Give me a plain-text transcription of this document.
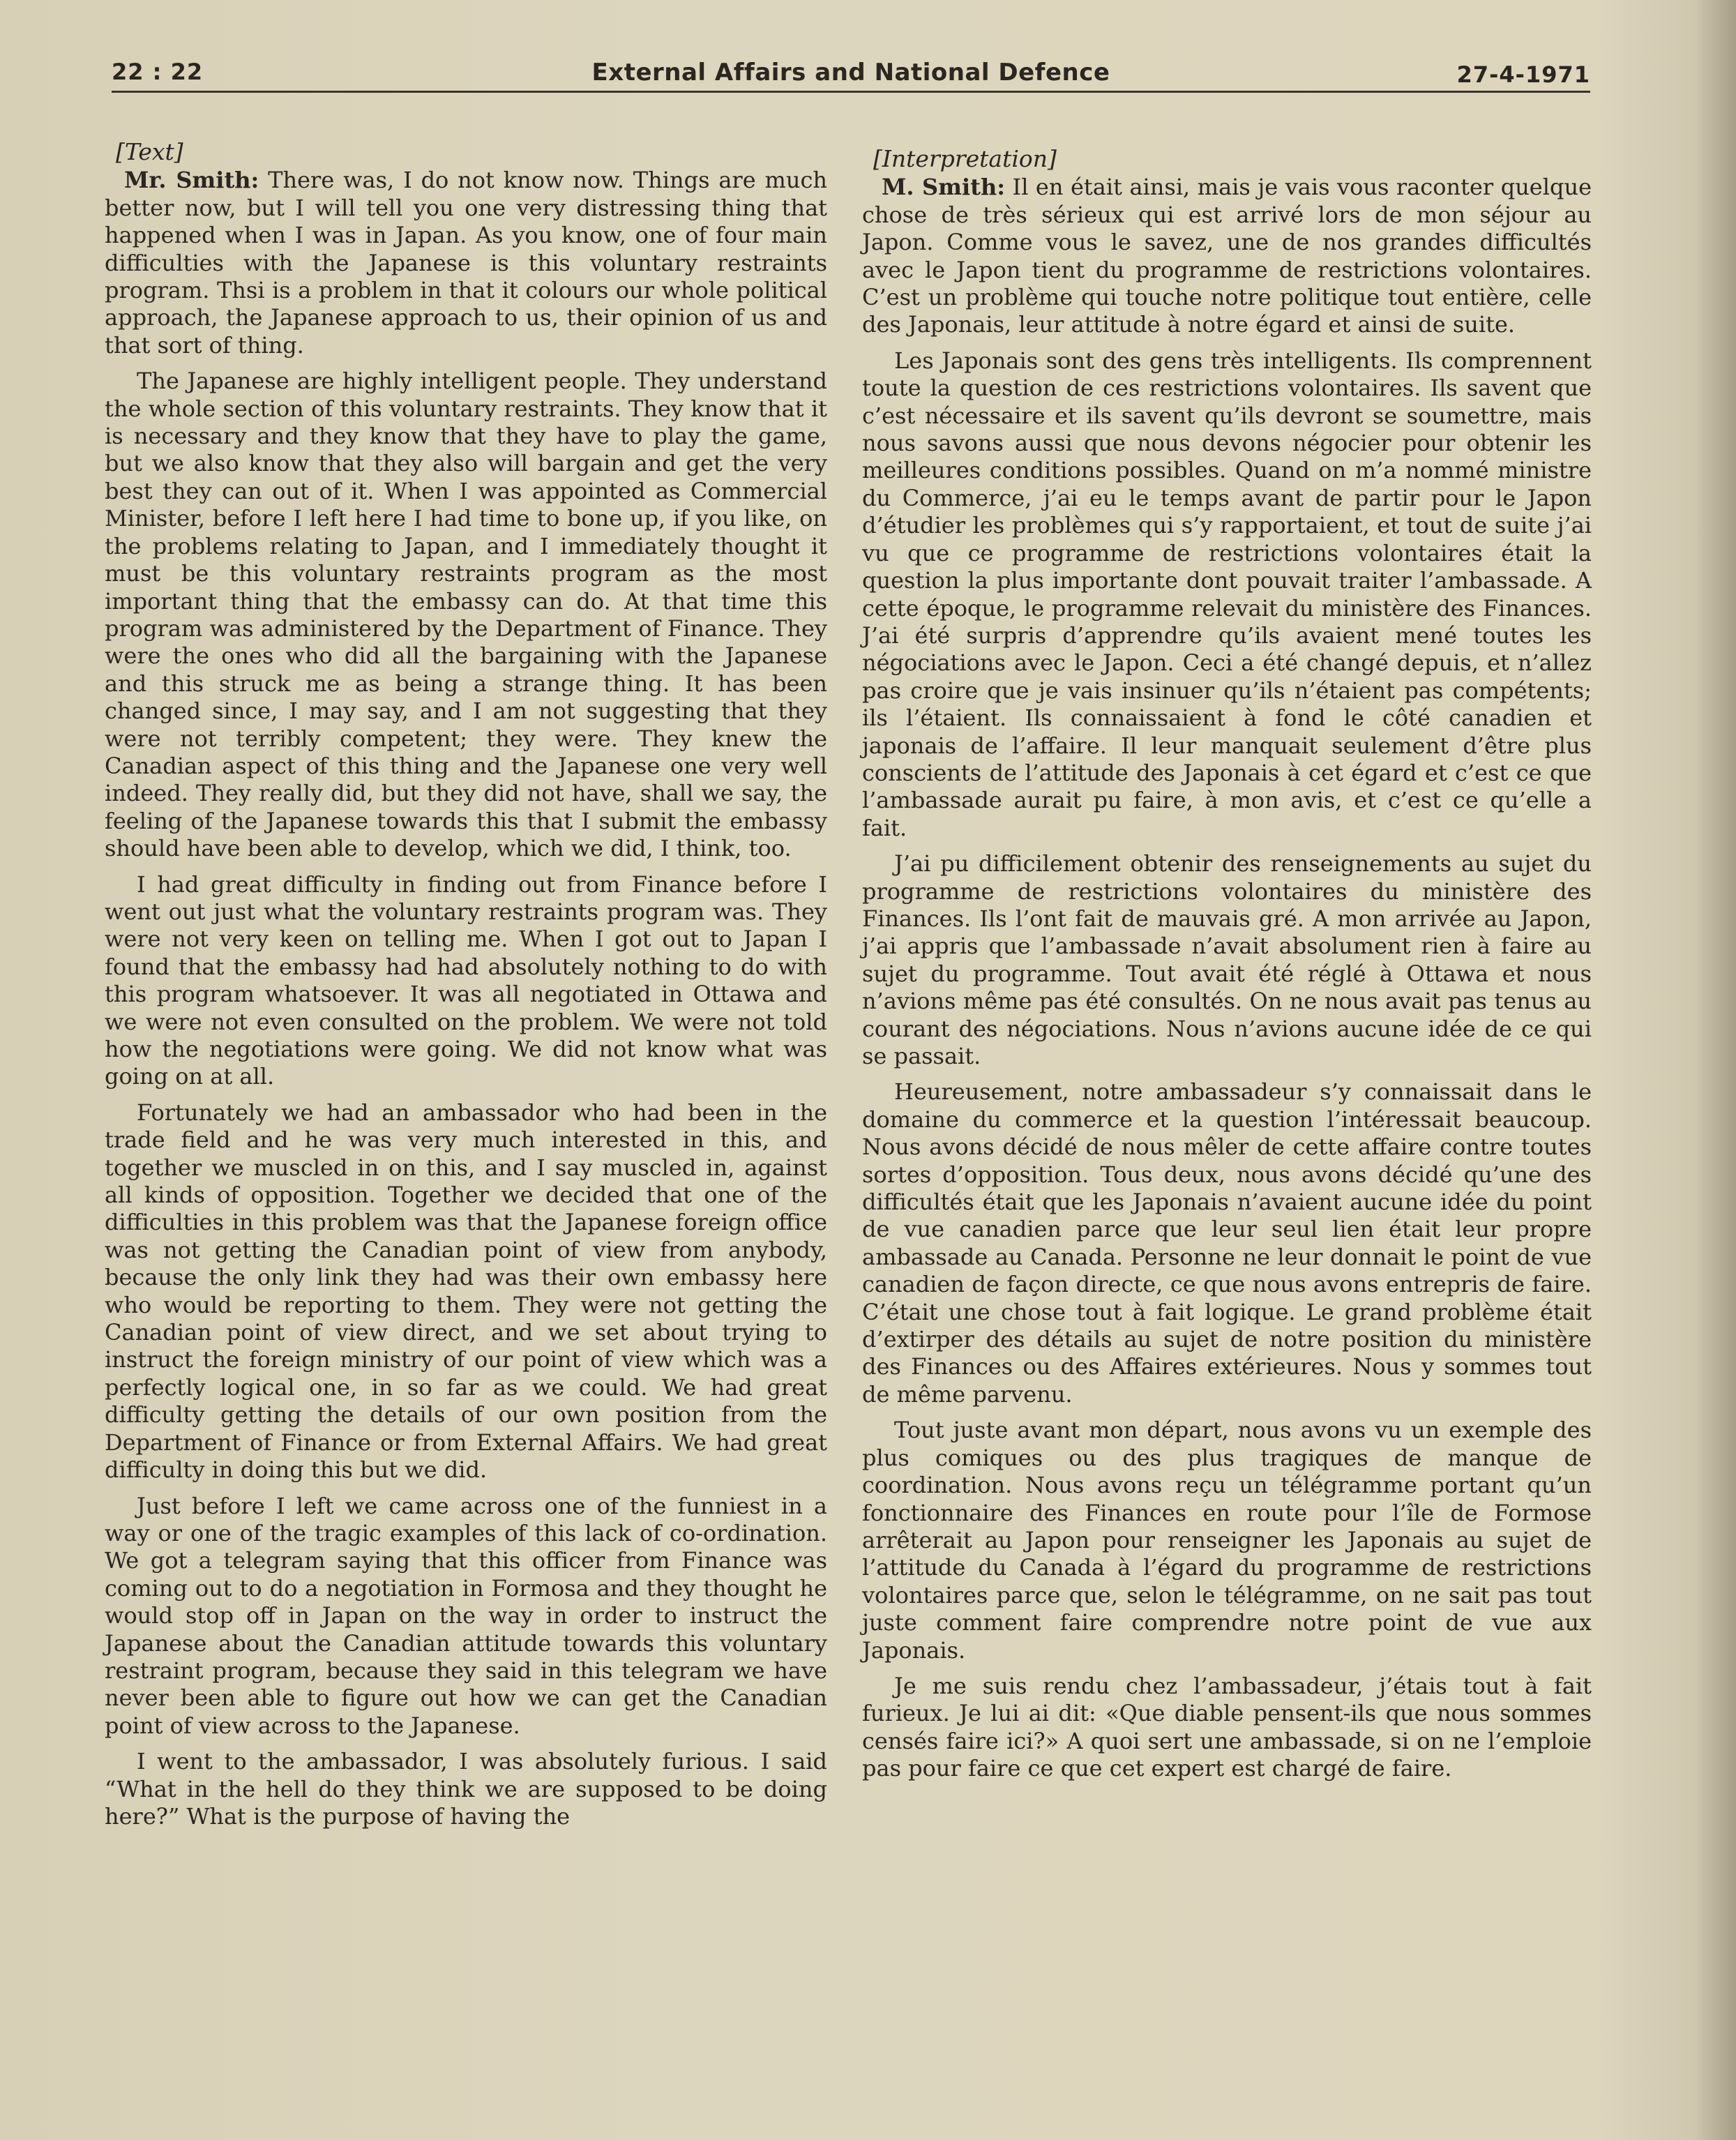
22 : 22	External Affairs and National Defence	27-4-1971
[Text]

Mr. Smith: There was, I do not know now. Things are much better now, but I will tell you one very distressing thing that happened when I was in Japan. As you know, one of four main difficulties with the Japanese is this voluntary restraints program. Thsi is a problem in that it colours our whole political approach, the Japanese approach to us, their opinion of us and that sort of thing.

The Japanese are highly intelligent people. They understand the whole section of this voluntary restraints. They know that it is necessary and they know that they have to play the game, but we also know that they also will bargain and get the very best they can out of it. When I was appointed as Commercial Minister, before I left here I had time to bone up, if you like, on the problems relating to Japan, and I immediately thought it must be this voluntary restraints program as the most important thing that the embassy can do. At that time this program was administered by the Department of Finance. They were the ones who did all the bargaining with the Japanese and this struck me as being a strange thing. It has been changed since, I may say, and I am not suggesting that they were not terribly competent; they were. They knew the Canadian aspect of this thing and the Japanese one very well indeed. They really did, but they did not have, shall we say, the feeling of the Japanese towards this that I submit the embassy should have been able to develop, which we did, I think, too.

I had great difficulty in finding out from Finance before I went out just what the voluntary restraints program was. They were not very keen on telling me. When I got out to Japan I found that the embassy had had absolutely nothing to do with this program whatsoever. It was all negotiated in Ottawa and we were not even consulted on the problem. We were not told how the negotiations were going. We did not know what was going on at all.

Fortunately we had an ambassador who had been in the trade field and he was very much interested in this, and together we muscled in on this, and I say muscled in, against all kinds of opposition. Together we decided that one of the difficulties in this problem was that the Japanese foreign office was not getting the Canadian point of view from anybody, because the only link they had was their own embassy here who would be reporting to them. They were not getting the Canadian point of view direct, and we set about trying to instruct the foreign ministry of our point of view which was a perfectly logical one, in so far as we could. We had great difficulty getting the details of our own position from the Department of Finance or from External Affairs. We had great difficulty in doing this but we did.

Just before I left we came across one of the funniest in a way or one of the tragic examples of this lack of co-ordination. We got a telegram saying that this officer from Finance was coming out to do a negotiation in Formosa and they thought he would stop off in Japan on the way in order to instruct the Japanese about the Canadian attitude towards this voluntary restraint program, because they said in this telegram we have never been able to figure out how we can get the Canadian point of view across to the Japanese.

I went to the ambassador, I was absolutely furious. I said “What in the hell do they think we are supposed to be doing here?” What is the purpose of having the

[Interpretation]

M. Smith: Il en était ainsi, mais je vais vous raconter quelque chose de très sérieux qui est arrivé lors de mon séjour au Japon. Comme vous le savez, une de nos grandes difficultés avec le Japon tient du programme de restrictions volontaires. C’est un problème qui touche notre politique tout entière, celle des Japonais, leur attitude à notre égard et ainsi de suite.

Les Japonais sont des gens très intelligents. Ils comprennent toute la question de ces restrictions volontaires. Ils savent que c’est nécessaire et ils savent qu’ils devront se soumettre, mais nous savons aussi que nous devons négocier pour obtenir les meilleures conditions possibles. Quand on m’a nommé ministre du Commerce, j’ai eu le temps avant de partir pour le Japon d’étudier les problèmes qui s’y rapportaient, et tout de suite j’ai vu que ce programme de restrictions volontaires était la question la plus importante dont pouvait traiter l’ambassade. A cette époque, le programme relevait du ministère des Finances. J’ai été surpris d’apprendre qu’ils avaient mené toutes les négociations avec le Japon. Ceci a été changé depuis, et n’allez pas croire que je vais insinuer qu’ils n’étaient pas compétents; ils l’étaient. Ils connaissaient à fond le côté canadien et japonais de l’affaire. Il leur manquait seulement d’être plus conscients de l’attitude des Japonais à cet égard et c’est ce que l’ambassade aurait pu faire, à mon avis, et c’est ce qu’elle a fait.

J’ai pu difficilement obtenir des renseignements au sujet du programme de restrictions volontaires du ministère des Finances. Ils l’ont fait de mauvais gré. A mon arrivée au Japon, j’ai appris que l’ambassade n’avait absolument rien à faire au sujet du programme. Tout avait été réglé à Ottawa et nous n’avions même pas été consultés. On ne nous avait pas tenus au courant des négociations. Nous n’avions aucune idée de ce qui se passait.

Heureusement, notre ambassadeur s’y connaissait dans le domaine du commerce et la question l’intéressait beaucoup. Nous avons décidé de nous mêler de cette affaire contre toutes sortes d’opposition. Tous deux, nous avons décidé qu’une des difficultés était que les Japonais n’avaient aucune idée du point de vue canadien parce que leur seul lien était leur propre ambassade au Canada. Personne ne leur donnait le point de vue canadien de façon directe, ce que nous avons entrepris de faire. C’était une chose tout à fait logique. Le grand problème était d’extirper des détails au sujet de notre position du ministère des Finances ou des Affaires extérieures. Nous y sommes tout de même parvenu.

Tout juste avant mon départ, nous avons vu un exemple des plus comiques ou des plus tragiques de manque de coordination. Nous avons reçu un télégramme portant qu’un fonctionnaire des Finances en route pour l’île de Formose arrêterait au Japon pour renseigner les Japonais au sujet de l’attitude du Canada à l’égard du programme de restrictions volontaires parce que, selon le télégramme, on ne sait pas tout juste comment faire comprendre notre point de vue aux Japonais.

Je me suis rendu chez l’ambassadeur, j’étais tout à fait furieux. Je lui ai dit: «Que diable pensent-ils que nous sommes censés faire ici?» A quoi sert une ambassade, si on ne l’emploie pas pour faire ce que cet expert est chargé de faire.
